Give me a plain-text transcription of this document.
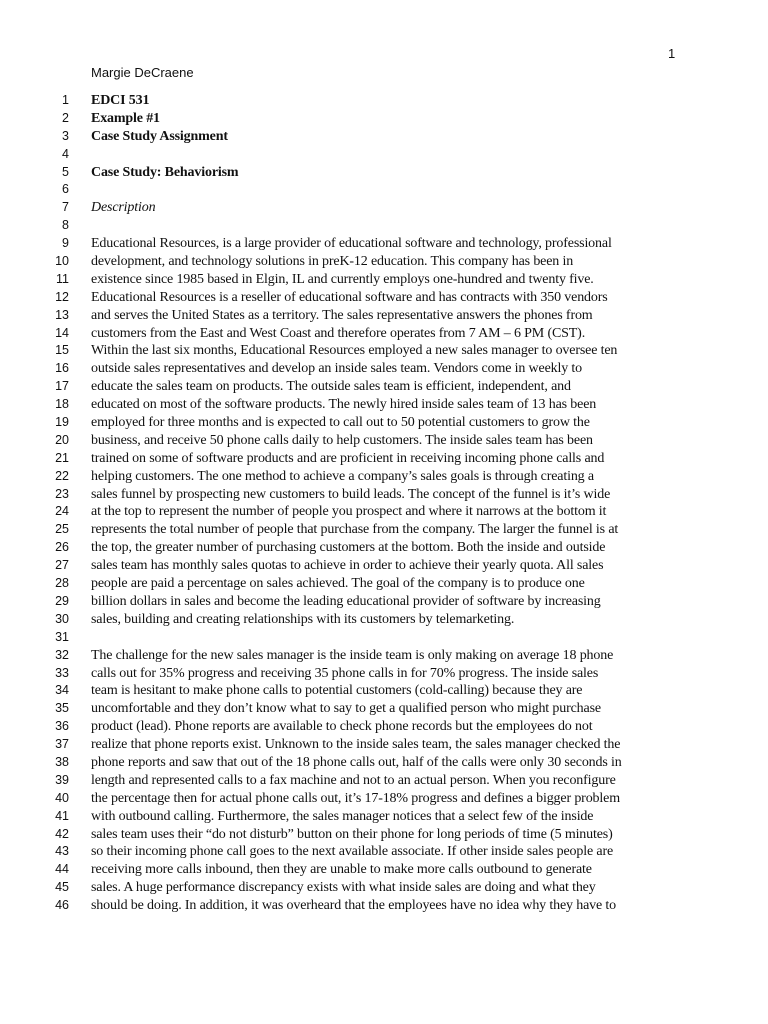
1
Margie DeCraene
1 EDCI 531
2 Example #1
3 Case Study Assignment
4
5 Case Study: Behaviorism
6
7 Description
8
9 Educational Resources, is a large provider of educational software and technology, professional
10 development, and technology solutions in preK-12 education. This company has been in
11 existence since 1985 based in Elgin, IL and currently employs one-hundred and twenty five.
12 Educational Resources is a reseller of educational software and has contracts with 350 vendors
13 and serves the United States as a territory. The sales representative answers the phones from
14 customers from the East and West Coast and therefore operates from 7 AM – 6 PM (CST).
15 Within the last six months, Educational Resources employed a new sales manager to oversee ten
16 outside sales representatives and develop an inside sales team. Vendors come in weekly to
17 educate the sales team on products. The outside sales team is efficient, independent, and
18 educated on most of the software products. The newly hired inside sales team of 13 has been
19 employed for three months and is expected to call out to 50 potential customers to grow the
20 business, and receive 50 phone calls daily to help customers. The inside sales team has been
21 trained on some of software products and are proficient in receiving incoming phone calls and
22 helping customers. The one method to achieve a company’s sales goals is through creating a
23 sales funnel by prospecting new customers to build leads. The concept of the funnel is it’s wide
24 at the top to represent the number of people you prospect and where it narrows at the bottom it
25 represents the total number of people that purchase from the company. The larger the funnel is at
26 the top, the greater number of purchasing customers at the bottom. Both the inside and outside
27 sales team has monthly sales quotas to achieve in order to achieve their yearly quota. All sales
28 people are paid a percentage on sales achieved. The goal of the company is to produce one
29 billion dollars in sales and become the leading educational provider of software by increasing
30 sales, building and creating relationships with its customers by telemarketing.
31
32 The challenge for the new sales manager is the inside team is only making on average 18 phone
33 calls out for 35% progress and receiving 35 phone calls in for 70% progress. The inside sales
34 team is hesitant to make phone calls to potential customers (cold-calling) because they are
35 uncomfortable and they don’t know what to say to get a qualified person who might purchase
36 product (lead). Phone reports are available to check phone records but the employees do not
37 realize that phone reports exist. Unknown to the inside sales team, the sales manager checked the
38 phone reports and saw that out of the 18 phone calls out, half of the calls were only 30 seconds in
39 length and represented calls to a fax machine and not to an actual person. When you reconfigure
40 the percentage then for actual phone calls out, it’s 17-18% progress and defines a bigger problem
41 with outbound calling. Furthermore, the sales manager notices that a select few of the inside
42 sales team uses their “do not disturb” button on their phone for long periods of time (5 minutes)
43 so their incoming phone call goes to the next available associate. If other inside sales people are
44 receiving more calls inbound, then they are unable to make more calls outbound to generate
45 sales. A huge performance discrepancy exists with what inside sales are doing and what they
46 should be doing. In addition, it was overheard that the employees have no idea why they have to
